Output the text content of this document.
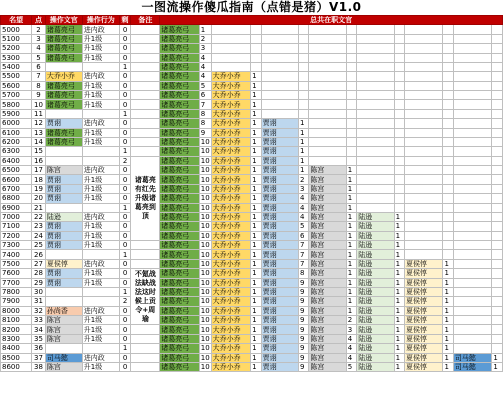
一图流操作傻瓜指南（点错是猪）V1.0
名望	点	操作文官	操作行为	剩	备注	总共在职文官													
5000	2	诸葛亮弓	进内政	0		诸葛亮弓	1												
5100	3	诸葛亮弓	升1级	0		诸葛亮弓	2												
5200	4	诸葛亮弓	升1级	0		诸葛亮弓	3												
5300	5	诸葛亮弓	升1级	0		诸葛亮弓	4												
5400	6			1		诸葛亮弓	4												
5500	7	大乔小乔	进内政	0		诸葛亮弓	4	大乔小乔	1										
5600	8	诸葛亮弓	升1级	0		诸葛亮弓	5	大乔小乔	1										
5700	9	诸葛亮弓	升1级	0		诸葛亮弓	6	大乔小乔	1										
5800	10	诸葛亮弓	升1级	0		诸葛亮弓	7	大乔小乔	1										
5900	11			1		诸葛亮弓	8	大乔小乔	1										
6000	12	贾诩	进内政	0		诸葛亮弓	8	大乔小乔	1	贾诩	1								
6100	13	诸葛亮弓	升1级	0		诸葛亮弓	9	大乔小乔	1	贾诩	1								
6200	14	诸葛亮弓	升1级	0		诸葛亮弓	10	大乔小乔	1	贾诩	1								
6300	15			1		诸葛亮弓	10	大乔小乔	1	贾诩	1								
6400	16			2	诸葛亮有红先升级诸葛亮到顶	诸葛亮弓	10	大乔小乔	1	贾诩	1								
6500	17	陈宫	进内政	0		诸葛亮弓	10	大乔小乔	1	贾诩	1	陈宫	1						
6600	18	贾诩	升1级	0		诸葛亮弓	10	大乔小乔	1	贾诩	2	陈宫	1						
6700	19	贾诩	升1级	0		诸葛亮弓	10	大乔小乔	1	贾诩	3	陈宫	1						
6800	20	贾诩	升1级	0		诸葛亮弓	10	大乔小乔	1	贾诩	4	陈宫	1						
6900	21			1		诸葛亮弓	10	大乔小乔	1	贾诩	4	陈宫	1						
7000	22	陆逊	进内政	0		诸葛亮弓	10	大乔小乔	1	贾诩	4	陈宫	1	陆逊	1				
7100	23	贾诩	升1级	0		诸葛亮弓	10	大乔小乔	1	贾诩	5	陈宫	1	陆逊	1				
7200	24	贾诩	升1级	0		诸葛亮弓	10	大乔小乔	1	贾诩	6	陈宫	1	陆逊	1				
7300	25	贾诩	升1级	0		诸葛亮弓	10	大乔小乔	1	贾诩	7	陈宫	1	陆逊	1				
7400	26			1		诸葛亮弓	10	大乔小乔	1	贾诩	7	陈宫	1	陆逊	1				
7500	27	夏侯惇	进内政	0		诸葛亮弓	10	大乔小乔	1	贾诩	7	陈宫	1	陆逊	1	夏侯惇	1		
7600	28	贾诩	升1级	0	不氪战法缺战法这时候上贡令+周瑜	诸葛亮弓	10	大乔小乔	1	贾诩	8	陈宫	1	陆逊	1	夏侯惇	1		
7700	29	贾诩	升1级	0		诸葛亮弓	10	大乔小乔	1	贾诩	9	陈宫	1	陆逊	1	夏侯惇	1		
7800	30			1		诸葛亮弓	10	大乔小乔	1	贾诩	9	陈宫	1	陆逊	1	夏侯惇	1		
7900	31			2		诸葛亮弓	10	大乔小乔	1	贾诩	9	陈宫	1	陆逊	1	夏侯惇	1		
8000	32	孙尚香	进内政	0		诸葛亮弓	10	大乔小乔	1	贾诩	9	陈宫	1	陆逊	1	夏侯惇	1		
8100	33	陈宫	升1级	0		诸葛亮弓	10	大乔小乔	1	贾诩	9	陈宫	2	陆逊	1	夏侯惇	1		
8200	34	陈宫	升1级	0		诸葛亮弓	10	大乔小乔	1	贾诩	9	陈宫	3	陆逊	1	夏侯惇	1		
8300	35	陈宫	升1级	0		诸葛亮弓	10	大乔小乔	1	贾诩	9	陈宫	4	陆逊	1	夏侯惇	1		
8400	36			1		诸葛亮弓	10	大乔小乔	1	贾诩	9	陈宫	4	陆逊	1	夏侯惇	1		
8500	37	司马懿	进内政	0		诸葛亮弓	10	大乔小乔	1	贾诩	9	陈宫	4	陆逊	1	夏侯惇	1	司马懿	1
8600	38	陈宫	升1级	0		诸葛亮弓	10	大乔小乔	1	贾诩	9	陈宫	5	陆逊	1	夏侯惇	1	司马懿	1
